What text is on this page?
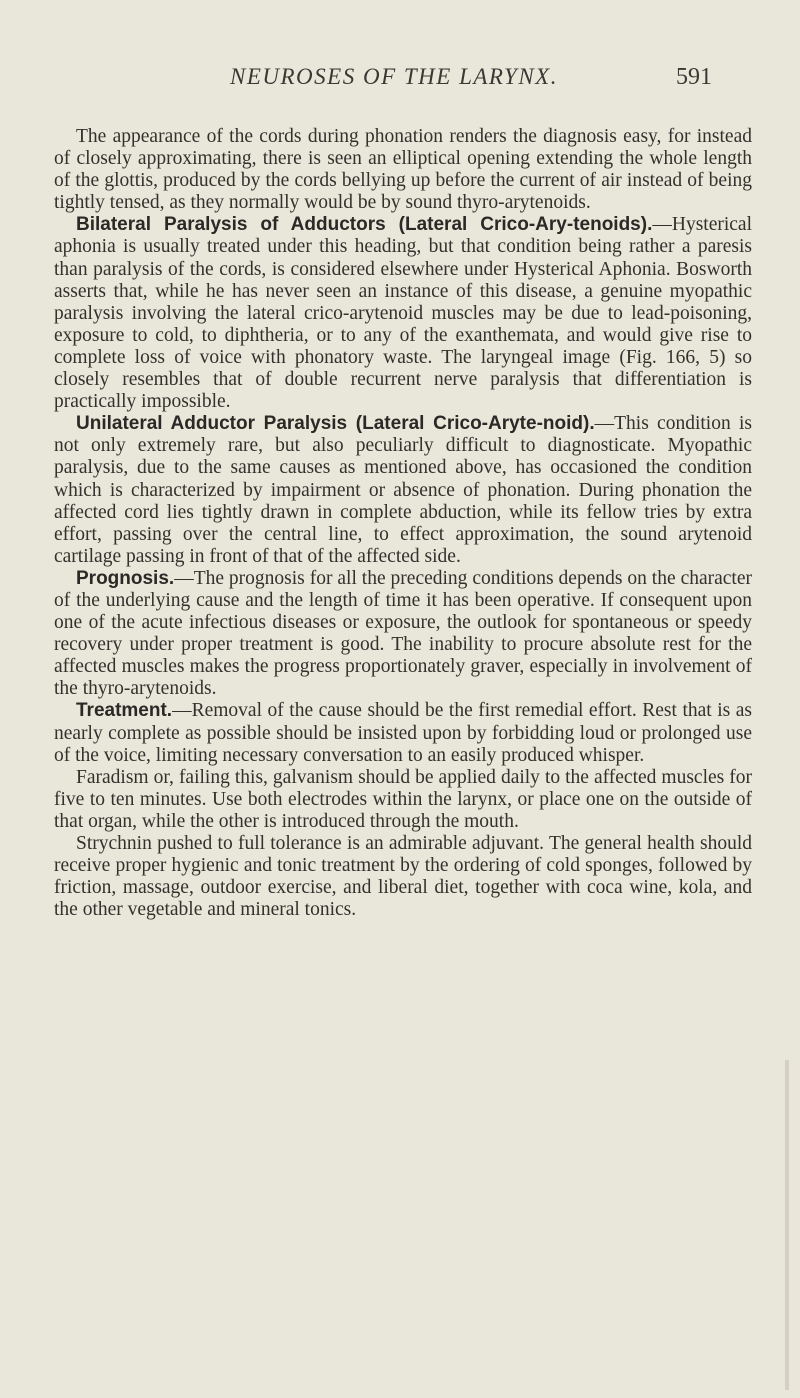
NEUROSES OF THE LARYNX.	591

The appearance of the cords during phonation renders the diagnosis easy, for instead of closely approximating, there is seen an elliptical opening extending the whole length of the glottis, produced by the cords bellying up before the current of air instead of being tightly tensed, as they normally would be by sound thyro-arytenoids.

Bilateral Paralysis of Adductors (Lateral Crico-Ary-tenoids).—Hysterical aphonia is usually treated under this heading, but that condition being rather a paresis than paralysis of the cords, is considered elsewhere under Hysterical Aphonia. Bosworth asserts that, while he has never seen an instance of this disease, a genuine myopathic paralysis involving the lateral crico-arytenoid muscles may be due to lead-poisoning, exposure to cold, to diphtheria, or to any of the exanthemata, and would give rise to complete loss of voice with phonatory waste. The laryngeal image (Fig. 166, 5) so closely resembles that of double recurrent nerve paralysis that differentiation is practically impossible.

Unilateral Adductor Paralysis (Lateral Crico-Aryte-noid).—This condition is not only extremely rare, but also peculiarly difficult to diagnosticate. Myopathic paralysis, due to the same causes as mentioned above, has occasioned the condition which is characterized by impairment or absence of phonation. During phonation the affected cord lies tightly drawn in complete abduction, while its fellow tries by extra effort, passing over the central line, to effect approximation, the sound arytenoid cartilage passing in front of that of the affected side.

Prognosis.—The prognosis for all the preceding conditions depends on the character of the underlying cause and the length of time it has been operative. If consequent upon one of the acute infectious diseases or exposure, the outlook for spontaneous or speedy recovery under proper treatment is good. The inability to procure absolute rest for the affected muscles makes the progress proportionately graver, especially in involvement of the thyro-arytenoids.

Treatment.—Removal of the cause should be the first remedial effort. Rest that is as nearly complete as possible should be insisted upon by forbidding loud or prolonged use of the voice, limiting necessary conversation to an easily produced whisper.

Faradism or, failing this, galvanism should be applied daily to the affected muscles for five to ten minutes. Use both electrodes within the larynx, or place one on the outside of that organ, while the other is introduced through the mouth.

Strychnin pushed to full tolerance is an admirable adjuvant. The general health should receive proper hygienic and tonic treatment by the ordering of cold sponges, followed by friction, massage, outdoor exercise, and liberal diet, together with coca wine, kola, and the other vegetable and mineral tonics.
